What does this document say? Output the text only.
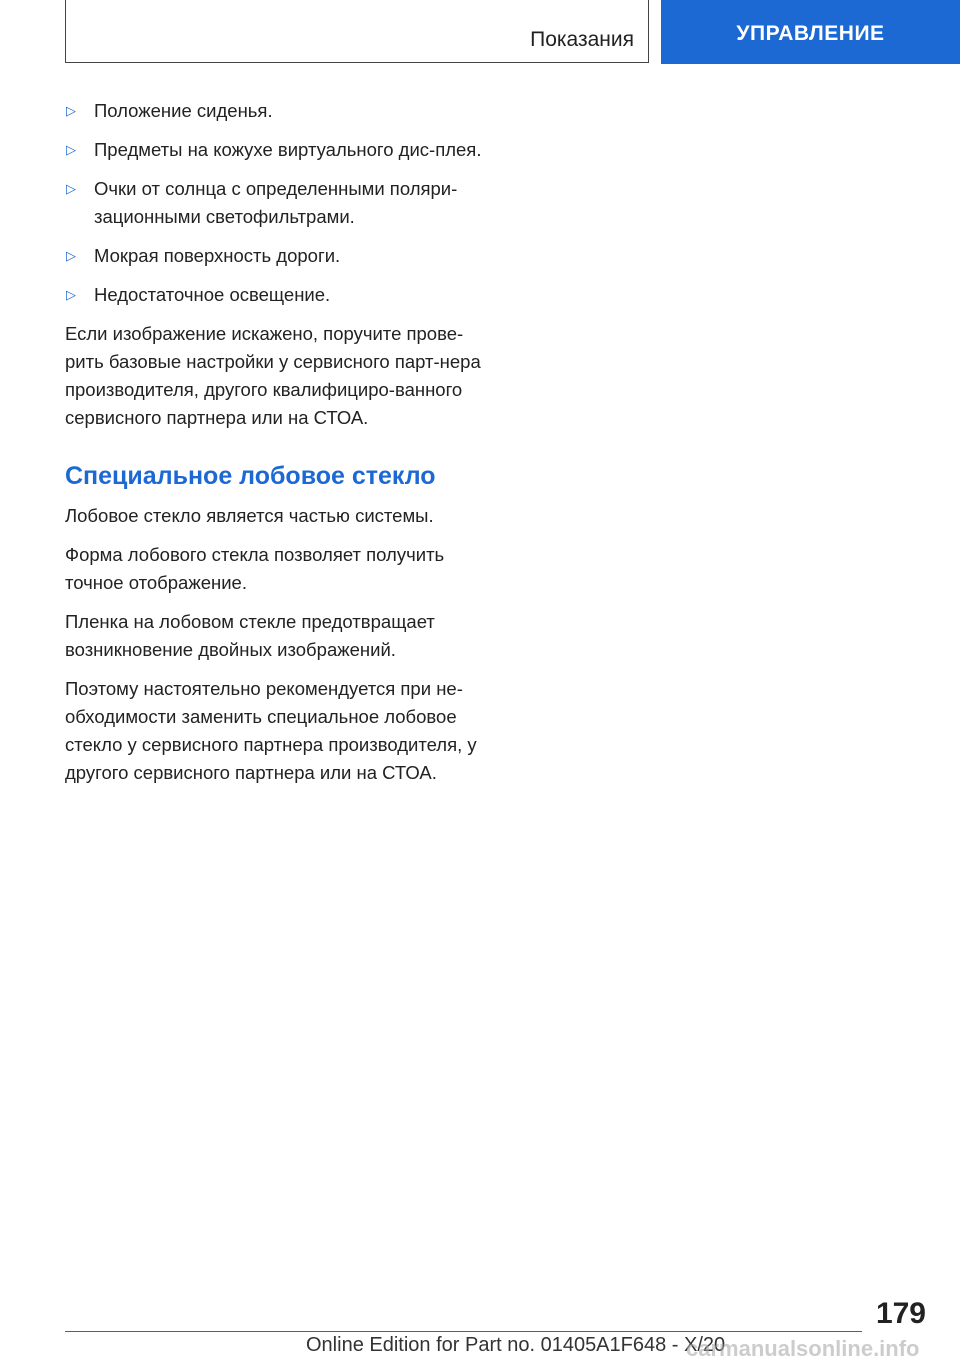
Показания	УПРАВЛЕНИЕ
▷ Положение сиденья.
▷ Предметы на кожухе виртуального дис-плея.
▷ Очки от солнца с определенными поляри-зационными светофильтрами.
▷ Мокрая поверхность дороги.
▷ Недостаточное освещение.

Если изображение искажено, поручите прове-рить базовые настройки у сервисного парт-нера производителя, другого квалифициро-ванного сервисного партнера или на СТОА.

Специальное лобовое стекло

Лобовое стекло является частью системы.

Форма лобового стекла позволяет получить точное отображение.

Пленка на лобовом стекле предотвращает возникновение двойных изображений.

Поэтому настоятельно рекомендуется при не-обходимости заменить специальное лобовое стекло у сервисного партнера производителя, у другого сервисного партнера или на СТОА.

179
Online Edition for Part no. 01405A1F648 - X/20
carmanualsonline.info
